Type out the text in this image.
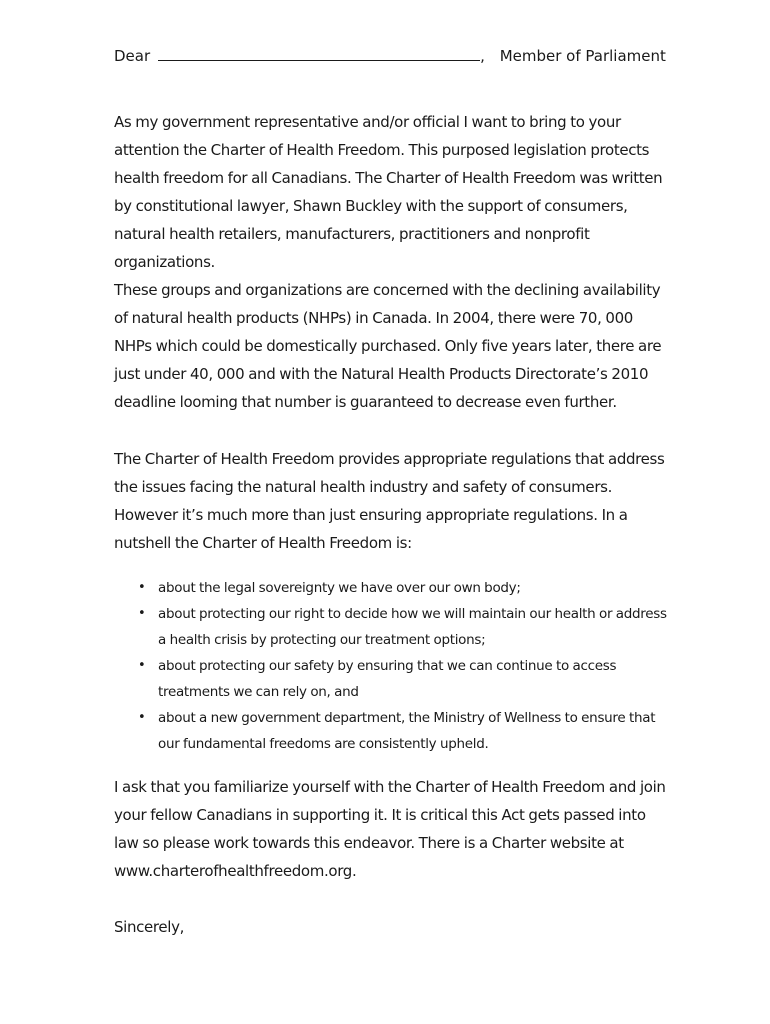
Dear	, Member of Parliament

As my government representative and/or official I want to bring to your attention the Charter of Health Freedom. This purposed legislation protects health freedom for all Canadians. The Charter of Health Freedom was written by constitutional lawyer, Shawn Buckley with the support of consumers, natural health retailers, manufacturers, practitioners and nonprofit organizations.

These groups and organizations are concerned with the declining availability of natural health products (NHPs) in Canada. In 2004, there were 70, 000 NHPs which could be domestically purchased. Only five years later, there are just under 40, 000 and with the Natural Health Products Directorate’s 2010 deadline looming that number is guaranteed to decrease even further.

The Charter of Health Freedom provides appropriate regulations that address the issues facing the natural health industry and safety of consumers. However it’s much more than just ensuring appropriate regulations. In a nutshell the Charter of Health Freedom is:

• about the legal sovereignty we have over our own body;
• about protecting our right to decide how we will maintain our health or address a health crisis by protecting our treatment options;
• about protecting our safety by ensuring that we can continue to access treatments we can rely on, and
• about a new government department, the Ministry of Wellness to ensure that our fundamental freedoms are consistently upheld.

I ask that you familiarize yourself with the Charter of Health Freedom and join your fellow Canadians in supporting it. It is critical this Act gets passed into law so please work towards this endeavor. There is a Charter website at www.charterofhealthfreedom.org.

Sincerely,
